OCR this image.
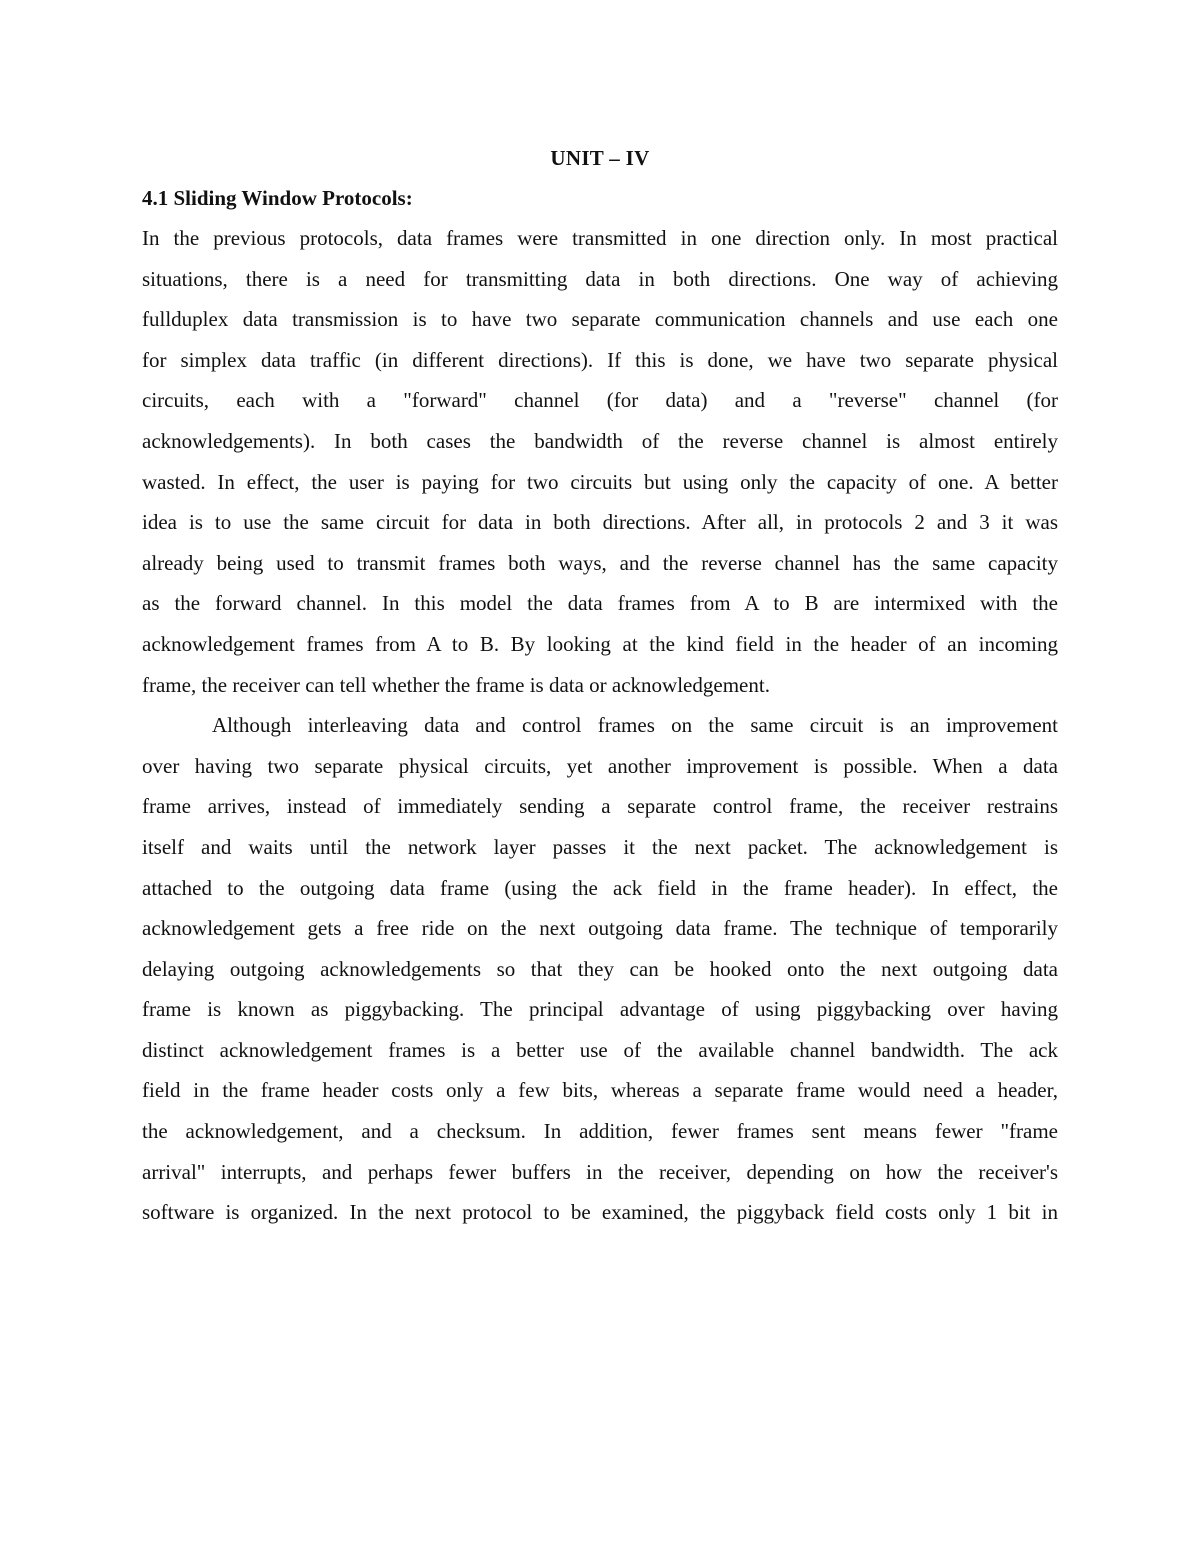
UNIT – IV
4.1 Sliding Window Protocols:
In the previous protocols, data frames were transmitted in one direction only. In most practical
situations, there is a need for transmitting data in both directions. One way of achieving
fullduplex data transmission is to have two separate communication channels and use each one
for simplex data traffic (in different directions). If this is done, we have two separate physical
circuits, each with a "forward" channel (for data) and a "reverse" channel (for
acknowledgements). In both cases the bandwidth of the reverse channel is almost entirely
wasted. In effect, the user is paying for two circuits but using only the capacity of one. A better
idea is to use the same circuit for data in both directions. After all, in protocols 2 and 3 it was
already being used to transmit frames both ways, and the reverse channel has the same capacity
as the forward channel. In this model the data frames from A to B are intermixed with the
acknowledgement frames from A to B. By looking at the kind field in the header of an incoming
frame, the receiver can tell whether the frame is data or acknowledgement.
Although interleaving data and control frames on the same circuit is an improvement
over having two separate physical circuits, yet another improvement is possible. When a data
frame arrives, instead of immediately sending a separate control frame, the receiver restrains
itself and waits until the network layer passes it the next packet. The acknowledgement is
attached to the outgoing data frame (using the ack field in the frame header). In effect, the
acknowledgement gets a free ride on the next outgoing data frame. The technique of temporarily
delaying outgoing acknowledgements so that they can be hooked onto the next outgoing data
frame is known as piggybacking. The principal advantage of using piggybacking over having
distinct acknowledgement frames is a better use of the available channel bandwidth. The ack
field in the frame header costs only a few bits, whereas a separate frame would need a header,
the acknowledgement, and a checksum. In addition, fewer frames sent means fewer "frame
arrival" interrupts, and perhaps fewer buffers in the receiver, depending on how the receiver's
software is organized. In the next protocol to be examined, the piggyback field costs only 1 bit in
